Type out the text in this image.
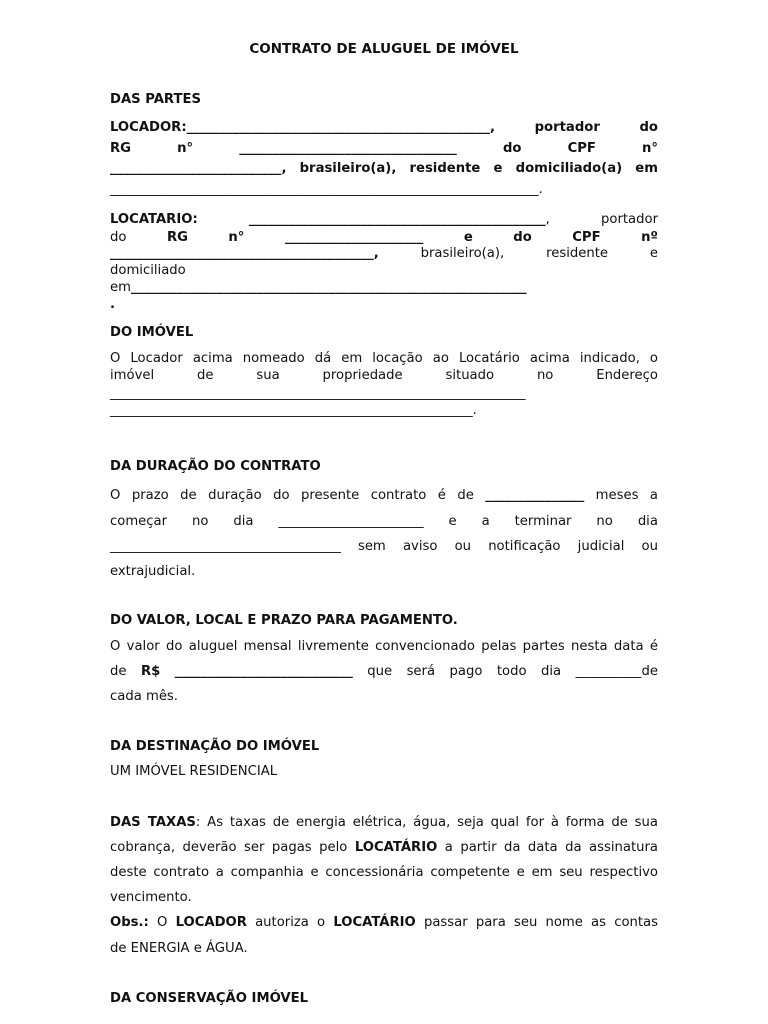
CONTRATO DE ALUGUEL DE IMÓVEL

DAS PARTES

LOCADOR:______________________________________________, portador do

RG	n°	_________________________________	do	CPF	n°

__________________________, brasileiro(a), residente e domiciliado(a) em

_________________________________________________________________.

LOCATARIO:	_____________________________________________, portador

do	RG	n°	_____________________	e	do	CPF	nº

________________________________________,	brasileiro(a),	residente	e

domiciliado

em____________________________________________________________

.

DO IMÓVEL

O Locador acima nomeado dá em locação ao Locatário acima indicado, o

imóvel	de	sua	propriedade	situado	no	Endereço

_______________________________________________________________

_______________________________________________________.

DA DURAÇÃO DO CONTRATO

O prazo de duração do presente contrato é de _______________ meses a

começar no dia ______________________ e a terminar no dia

___________________________________ sem aviso ou notificação judicial ou

extrajudicial.

DO VALOR, LOCAL E PRAZO PARA PAGAMENTO.

O valor do aluguel mensal livremente convencionado pelas partes nesta data é

de R$ ___________________________ que será pago todo dia __________de

cada mês.

DA DESTINAÇÃO DO IMÓVEL

UM IMÓVEL RESIDENCIAL

DAS TAXAS: As taxas de energia elétrica, água, seja qual for à forma de sua

cobrança, deverão ser pagas pelo LOCATÁRIO a partir da data da assinatura

deste contrato a companhia e concessionária competente e em seu respectivo

vencimento.

Obs.: O LOCADOR autoriza o LOCATÁRIO passar para seu nome as contas

de ENERGIA e ÁGUA.

DA CONSERVAÇÃO IMÓVEL
